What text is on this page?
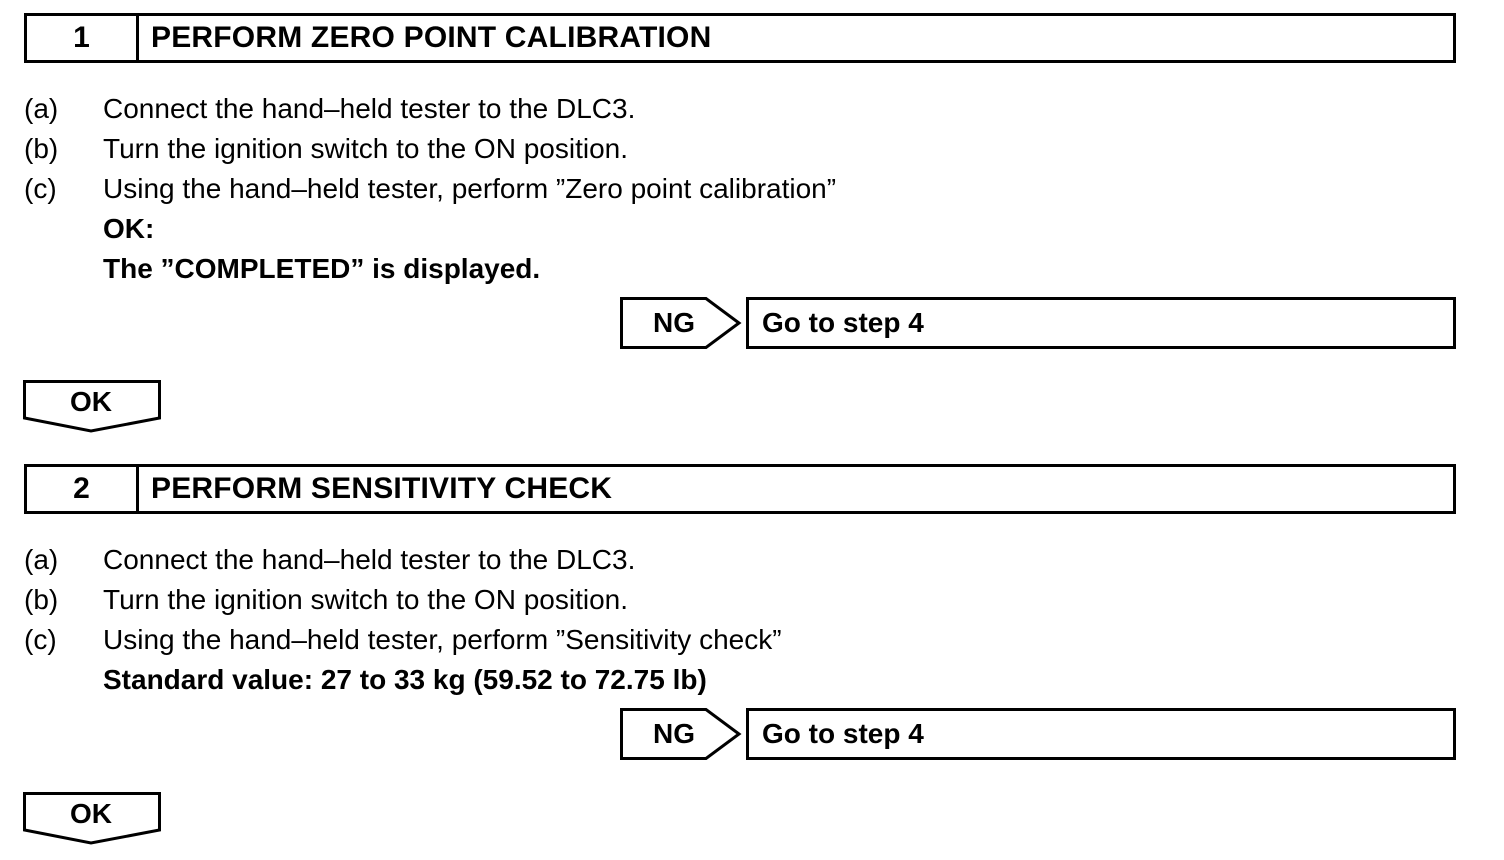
1	PERFORM ZERO POINT CALIBRATION
(a) Connect the hand–held tester to the DLC3.
(b) Turn the ignition switch to the ON position.
(c) Using the hand–held tester, perform ”Zero point calibration”
OK:
The ”COMPLETED” is displayed.
NG	Go to step 4
OK
2	PERFORM SENSITIVITY CHECK
(a) Connect the hand–held tester to the DLC3.
(b) Turn the ignition switch to the ON position.
(c) Using the hand–held tester, perform ”Sensitivity check”
Standard value: 27 to 33 kg (59.52 to 72.75 lb)
NG	Go to step 4
OK
